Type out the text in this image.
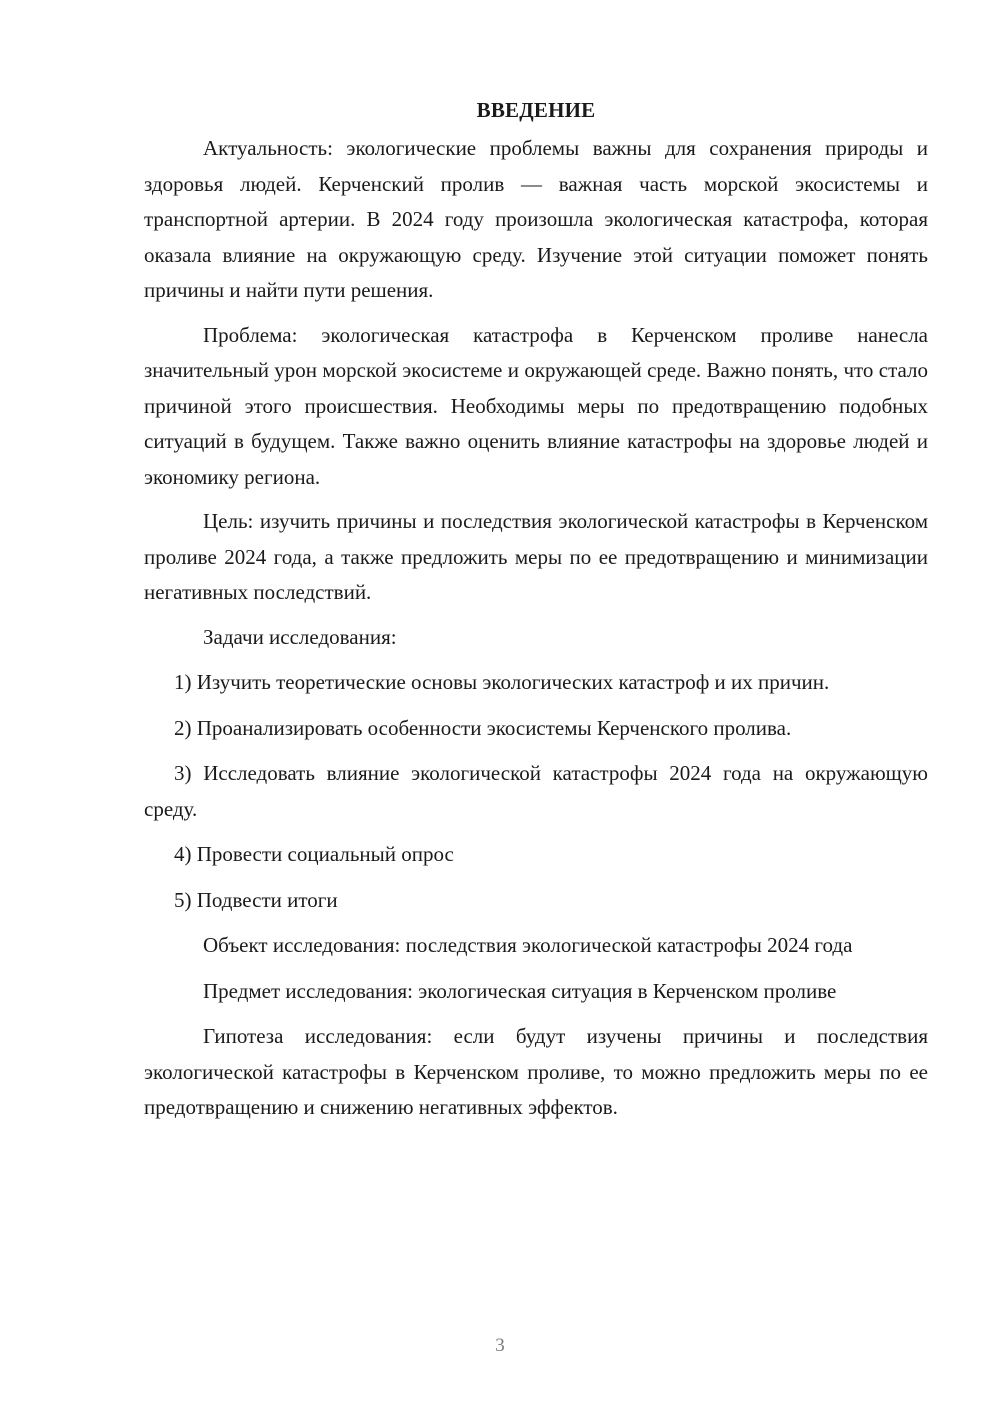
ВВЕДЕНИЕ

Актуальность: экологические проблемы важны для сохранения природы и здоровья людей. Керченский пролив — важная часть морской экосистемы и транспортной артерии. В 2024 году произошла экологическая катастрофа, которая оказала влияние на окружающую среду. Изучение этой ситуации поможет понять причины и найти пути решения.

Проблема: экологическая катастрофа в Керченском проливе нанесла значительный урон морской экосистеме и окружающей среде. Важно понять, что стало причиной этого происшествия. Необходимы меры по предотвращению подобных ситуаций в будущем. Также важно оценить влияние катастрофы на здоровье людей и экономику региона.

Цель: изучить причины и последствия экологической катастрофы в Керченском проливе 2024 года, а также предложить меры по ее предотвращению и минимизации негативных последствий.

Задачи исследования:

1) Изучить теоретические основы экологических катастроф и их причин.

2) Проанализировать особенности экосистемы Керченского пролива.

3) Исследовать влияние экологической катастрофы 2024 года на окружающую среду.

4) Провести социальный опрос

5) Подвести итоги

Объект исследования: последствия экологической катастрофы 2024 года

Предмет исследования: экологическая ситуация в Керченском проливе

Гипотеза исследования: если будут изучены причины и последствия экологической катастрофы в Керченском проливе, то можно предложить меры по ее предотвращению и снижению негативных эффектов.

3
